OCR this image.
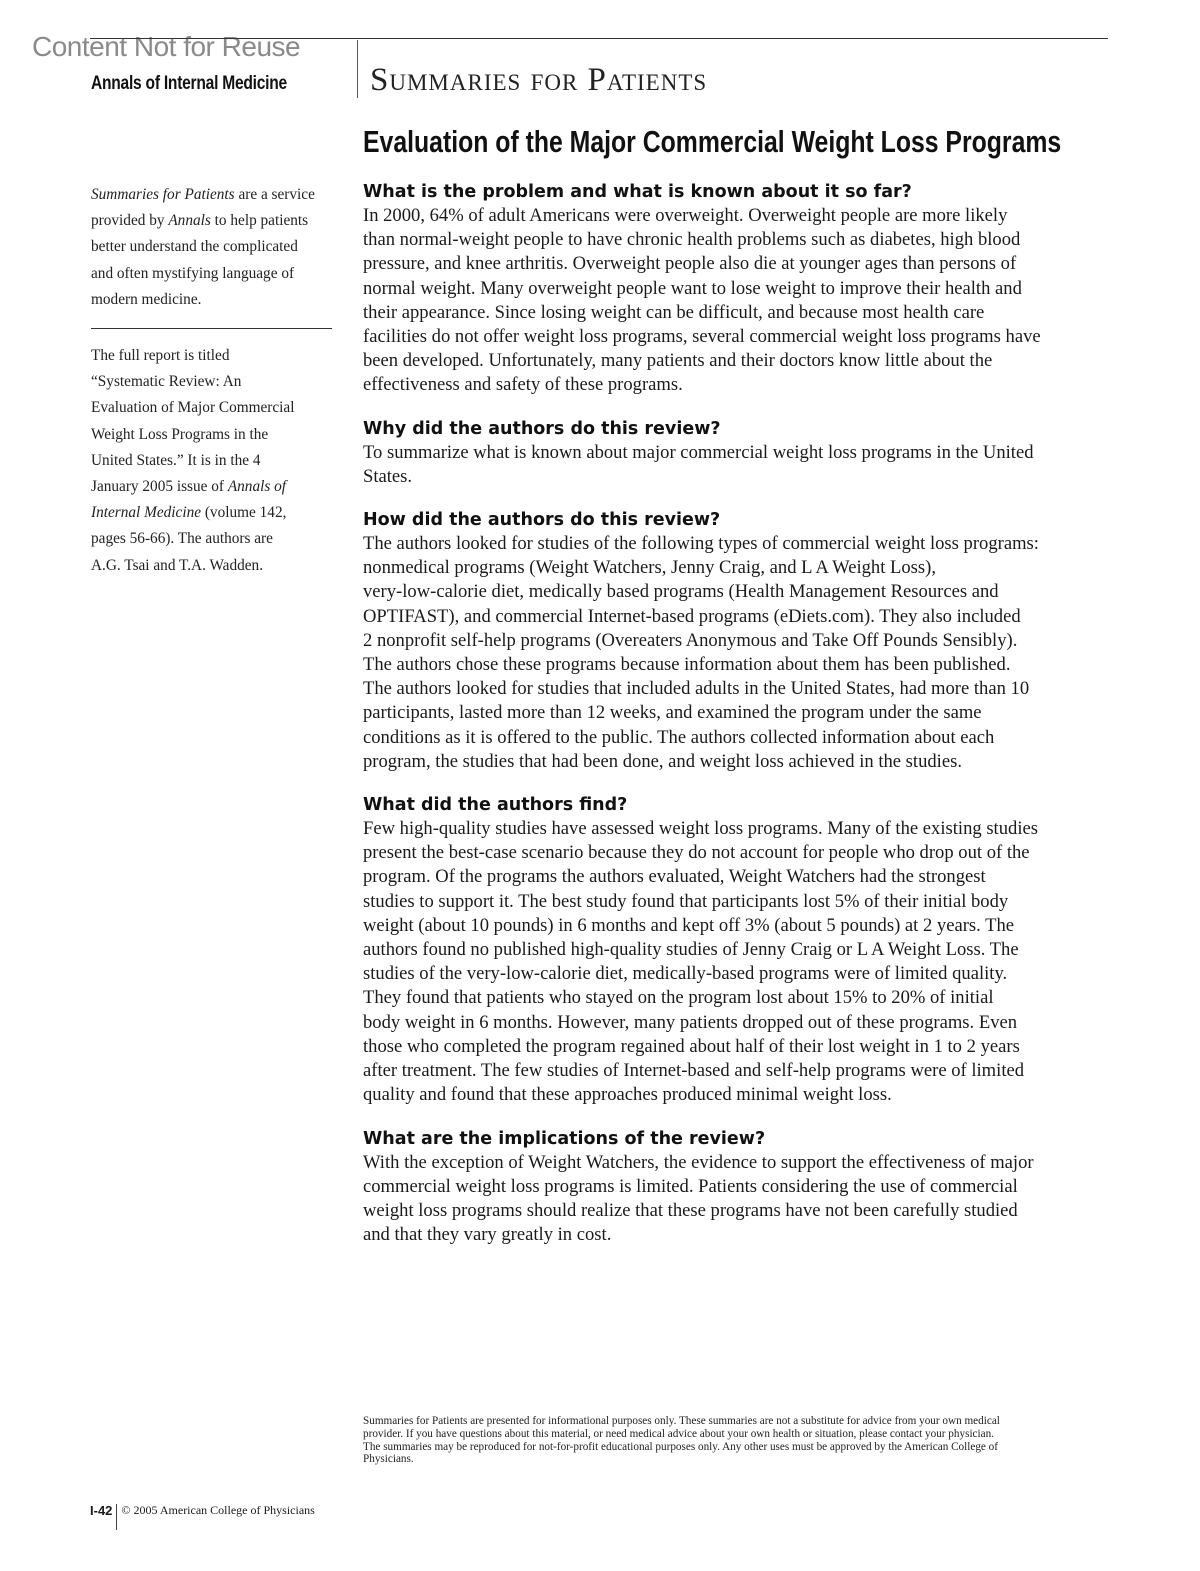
Content Not for Reuse
Annals of Internal Medicine	Summaries for Patients
Evaluation of the Major Commercial Weight Loss Programs
Summaries for Patients are a service
provided by Annals to help patients
better understand the complicated
and often mystifying language of
modern medicine.
The full report is titled
“Systematic Review: An
Evaluation of Major Commercial
Weight Loss Programs in the
United States.” It is in the 4
January 2005 issue of Annals of
Internal Medicine (volume 142,
pages 56-66). The authors are
A.G. Tsai and T.A. Wadden.
What is the problem and what is known about it so far?
In 2000, 64% of adult Americans were overweight. Overweight people are more likely
than normal-weight people to have chronic health problems such as diabetes, high blood
pressure, and knee arthritis. Overweight people also die at younger ages than persons of
normal weight. Many overweight people want to lose weight to improve their health and
their appearance. Since losing weight can be difficult, and because most health care
facilities do not offer weight loss programs, several commercial weight loss programs have
been developed. Unfortunately, many patients and their doctors know little about the
effectiveness and safety of these programs.
Why did the authors do this review?
To summarize what is known about major commercial weight loss programs in the United
States.
How did the authors do this review?
The authors looked for studies of the following types of commercial weight loss programs:
nonmedical programs (Weight Watchers, Jenny Craig, and L A Weight Loss),
very-low-calorie diet, medically based programs (Health Management Resources and
OPTIFAST), and commercial Internet-based programs (eDiets.com). They also included
2 nonprofit self-help programs (Overeaters Anonymous and Take Off Pounds Sensibly).
The authors chose these programs because information about them has been published.
The authors looked for studies that included adults in the United States, had more than 10
participants, lasted more than 12 weeks, and examined the program under the same
conditions as it is offered to the public. The authors collected information about each
program, the studies that had been done, and weight loss achieved in the studies.
What did the authors find?
Few high-quality studies have assessed weight loss programs. Many of the existing studies
present the best-case scenario because they do not account for people who drop out of the
program. Of the programs the authors evaluated, Weight Watchers had the strongest
studies to support it. The best study found that participants lost 5% of their initial body
weight (about 10 pounds) in 6 months and kept off 3% (about 5 pounds) at 2 years. The
authors found no published high-quality studies of Jenny Craig or L A Weight Loss. The
studies of the very-low-calorie diet, medically-based programs were of limited quality.
They found that patients who stayed on the program lost about 15% to 20% of initial
body weight in 6 months. However, many patients dropped out of these programs. Even
those who completed the program regained about half of their lost weight in 1 to 2 years
after treatment. The few studies of Internet-based and self-help programs were of limited
quality and found that these approaches produced minimal weight loss.
What are the implications of the review?
With the exception of Weight Watchers, the evidence to support the effectiveness of major
commercial weight loss programs is limited. Patients considering the use of commercial
weight loss programs should realize that these programs have not been carefully studied
and that they vary greatly in cost.
Summaries for Patients are presented for informational purposes only. These summaries are not a substitute for advice from your own medical
provider. If you have questions about this material, or need medical advice about your own health or situation, please contact your physician.
The summaries may be reproduced for not-for-profit educational purposes only. Any other uses must be approved by the American College of
Physicians.
I-42 © 2005 American College of Physicians
